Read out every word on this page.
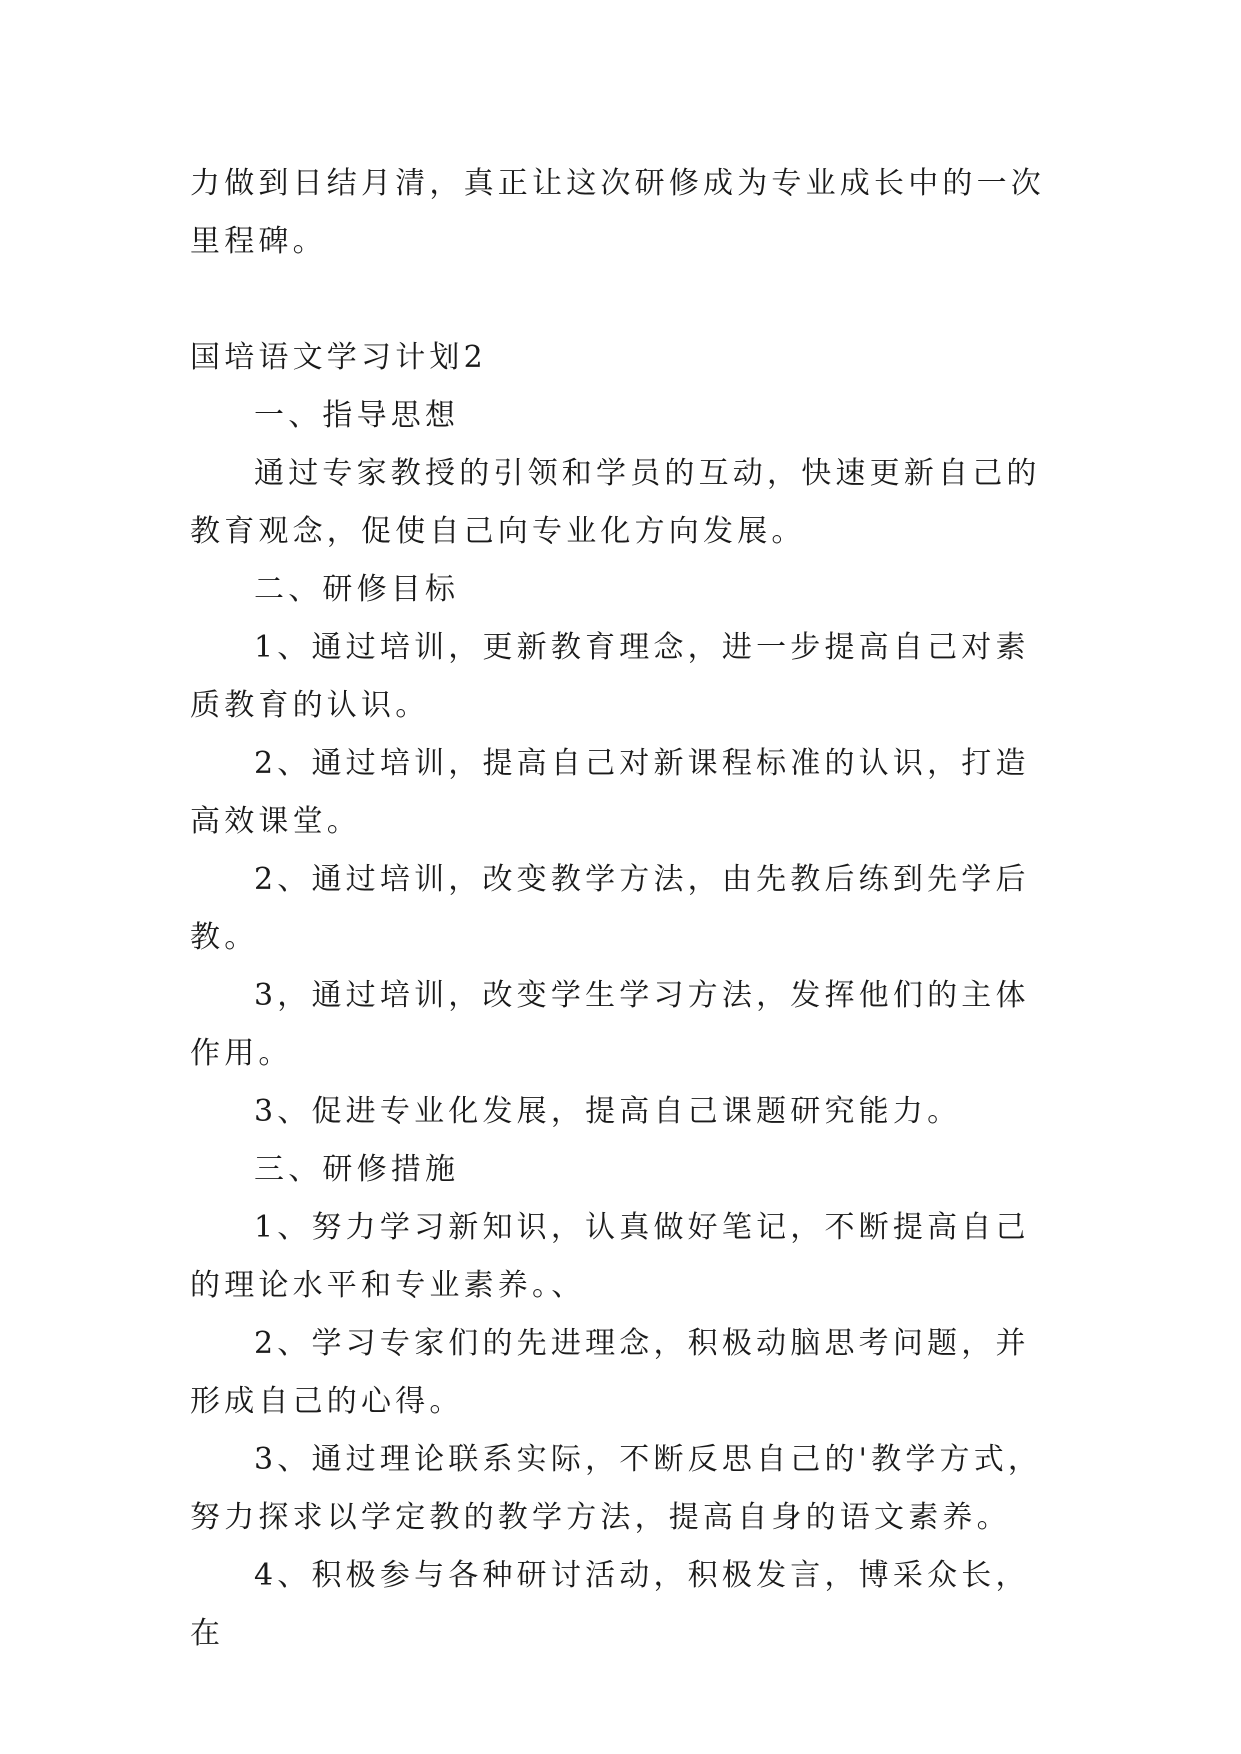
力做到日结月清，真正让这次研修成为专业成长中的一次里程碑。

国培语文学习计划2

一、指导思想

通过专家教授的引领和学员的互动，快速更新自己的教育观念，促使自己向专业化方向发展。

二、研修目标

1、通过培训，更新教育理念，进一步提高自己对素质教育的认识。

2、通过培训，提高自己对新课程标准的认识，打造高效课堂。

2、通过培训，改变教学方法，由先教后练到先学后教。

3，通过培训，改变学生学习方法，发挥他们的主体作用。

3、促进专业化发展，提高自己课题研究能力。

三、研修措施

1、努力学习新知识，认真做好笔记，不断提高自己的理论水平和专业素养。、

2、学习专家们的先进理念，积极动脑思考问题，并形成自己的心得。

3、通过理论联系实际，不断反思自己的'教学方式，努力探求以学定教的教学方法，提高自身的语文素养。

4、积极参与各种研讨活动，积极发言，博采众长，在
